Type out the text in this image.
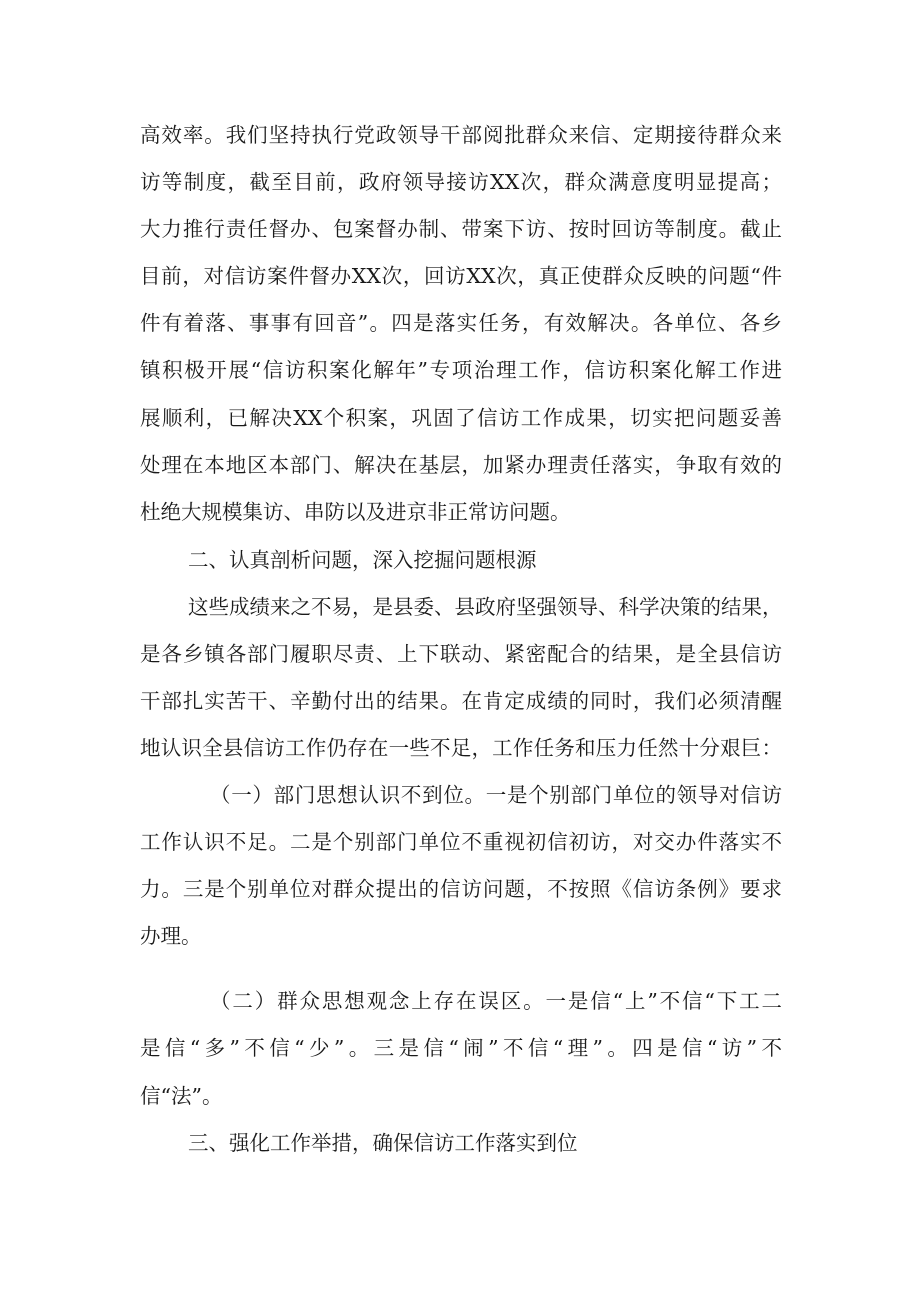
高效率。我们坚持执行党政领导干部阅批群众来信、定期接待群众来
访等制度，截至目前，政府领导接访XX次，群众满意度明显提高；
大力推行责任督办、包案督办制、带案下访、按时回访等制度。截止
目前，对信访案件督办XX次，回访XX次，真正使群众反映的问题“件
件有着落、事事有回音”。四是落实任务，有效解决。各单位、各乡
镇积极开展“信访积案化解年”专项治理工作，信访积案化解工作进
展顺利，已解决XX个积案，巩固了信访工作成果，切实把问题妥善
处理在本地区本部门、解决在基层，加紧办理责任落实，争取有效的
杜绝大规模集访、串防以及进京非正常访问题。
二、认真剖析问题，深入挖掘问题根源
这些成绩来之不易，是县委、县政府坚强领导、科学决策的结果，
是各乡镇各部门履职尽责、上下联动、紧密配合的结果，是全县信访
干部扎实苦干、辛勤付出的结果。在肯定成绩的同时，我们必须清醒
地认识全县信访工作仍存在一些不足，工作任务和压力任然十分艰巨：
（一）部门思想认识不到位。一是个别部门单位的领导对信访
工作认识不足。二是个别部门单位不重视初信初访，对交办件落实不
力。三是个别单位对群众提出的信访问题，不按照《信访条例》要求
办理。
（二）群众思想观念上存在误区。一是信“上”不信“下工二
是信“多”不信“少”。三是信“闹”不信“理”。四是信“访”不
信“法”。
三、强化工作举措，确保信访工作落实到位
